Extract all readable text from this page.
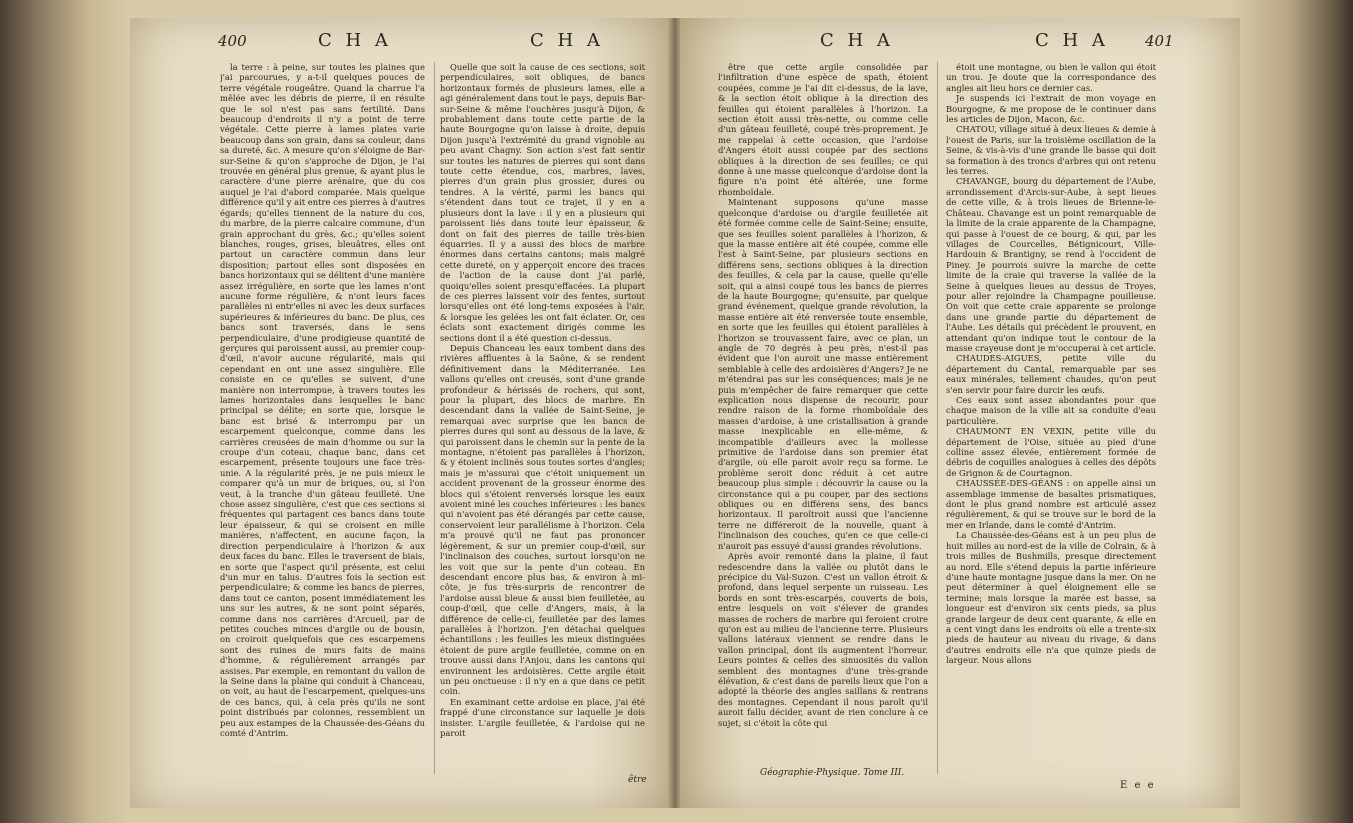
400	C H A	C H A

la terre : à peine, sur toutes les plaines que j'ai parcourues, y a-t-il quelques pouces de terre végétale rougeâtre. Quand la charrue l'a mêlée avec les débris de pierre, il en résulte que le sol n'est pas sans fertilité. Dans beaucoup d'endroits il n'y a point de terre végétale. Cette pierre à lames plates varie beaucoup dans son grain, dans sa couleur, dans sa dureté, &c. A mesure qu'on s'éloigne de Bar-sur-Seine & qu'on s'approche de Dijon, je l'ai trouvée en général plus grenue, & ayant plus le caractère d'une pierre arénaire, que du cos auquel je l'ai d'abord comparée. Mais quelque différence qu'il y ait entre ces pierres à d'autres égards; qu'elles tiennent de la nature du cos, du marbre, de la pierre calcaire commune, d'un grain approchant du grès, &c.; qu'elles soient blanches, rouges, grises, bleuâtres, elles ont partout un caractère commun dans leur disposition; partout elles sont disposées en bancs horizontaux qui se délitent d'une manière assez irrégulière, en sorte que les lames n'ont aucune forme régulière, & n'ont leurs faces parallèles ni entr'elles ni avec les deux surfaces supérieures & inférieures du banc. De plus, ces bancs sont traversés, dans le sens perpendiculaire, d'une prodigieuse quantité de gerçures qui paroissent aussi, au premier coup-d'œil, n'avoir aucune régularité, mais qui cependant en ont une assez singulière. Elle consiste en ce qu'elles se suivent, d'une manière non interrompue, à travers toutes les lames horizontales dans lesquelles le banc principal se délite; en sorte que, lorsque le banc est brisé & interrompu par un escarpement quelconque, comme dans les carrières creusées de main d'homme ou sur la croupe d'un coteau, chaque banc, dans cet escarpement, présente toujours une face très-unie. A la régularité près, je ne puis mieux le comparer qu'à un mur de briques, ou, si l'on veut, à la tranche d'un gâteau feuilleté. Une chose assez singulière, c'est que ces sections si fréquentes qui partagent ces bancs dans toute leur épaisseur, & qui se croisent en mille manières, n'affectent, en aucune façon, la direction perpendiculaire à l'horizon & aux deux faces du banc. Elles le traversent de biais, en sorte que l'aspect qu'il présente, est celui d'un mur en talus. D'autres fois la section est perpendiculaire; & comme les bancs de pierres, dans tout ce canton, posent immédiatement les uns sur les autres, & ne sont point séparés, comme dans nos carrières d'Arcueil, par de petites couches minces d'argile ou de bousin, on croiroit quelquefois que ces escarpemens sont des ruines de murs faits de mains d'homme, & régulièrement arrangés par assises. Par exemple, en remontant du vallon de la Seine dans la plaine qui conduit à Chanceau, on voit, au haut de l'escarpement, quelques-uns de ces bancs, qui, à cela près qu'ils ne sont point distribués par colonnes, ressemblent un peu aux estampes de la Chaussée-des-Géans du comté d'Antrim.

Quelle que soit la cause de ces sections, soit perpendiculaires, soit obliques, de bancs horizontaux formés de plusieurs lames, elle a agi généralement dans tout le pays, depuis Bar-sur-Seine & même l'ouchères jusqu'à Dijon, & probablement dans toute cette partie de la haute Bourgogne qu'on laisse à droite, depuis Dijon jusqu'à l'extrémité du grand vignoble au peu avant Chagny. Son action s'est fait sentir sur toutes les natures de pierres qui sont dans toute cette étendue, cos, marbres, laves, pierres d'un grain plus grossier, dures ou tendres. A la vérité, parmi les bancs qui s'étendent dans tout ce trajet, il y en a plusieurs dont la lave : il y en a plusieurs qui paroissent liés dans toute leur épaisseur, & dont on fait des pierres de taille très-bien équarries. Il y a aussi des blocs de marbre énormes dans certains cantons; mais malgré cette dureté, on y apperçoit encore des traces de l'action de la cause dont j'ai parlé, quoiqu'elles soient presqu'effacées. La plupart de ces pierres laissent voir des fentes, surtout lorsqu'elles ont été long-tems exposées à l'air, & lorsque les gelées les ont fait éclater. Or, ces éclats sont exactement dirigés comme les sections dont il a été question ci-dessus.

Depuis Chanceau les eaux tombent dans des rivières affluentes à la Saône, & se rendent définitivement dans la Méditerranée. Les vallons qu'elles ont creusés, sont d'une grande profondeur & hérissés de rochers, qui sont, pour la plupart, des blocs de marbre. En descendant dans la vallée de Saint-Seine, je remarquai avec surprise que les bancs de pierres dures qui sont au dessous de la lave, & qui paroissent dans le chemin sur la pente de la montagne, n'étoient pas parallèles à l'horizon, & y étoient inclinés sous toutes sortes d'angles; mais je m'assurai que c'étoit uniquement un accident provenant de la grosseur énorme des blocs qui s'étoient renversés lorsque les eaux avoient miné les couches inférieures : les bancs qui n'avoient pas été dérangés par cette cause, conservoient leur parallélisme à l'horizon. Cela m'a prouvé qu'il ne faut pas prononcer légèrement, & sur un premier coup-d'œil, sur l'inclinaison des couches, surtout lorsqu'on ne les voit que sur la pente d'un coteau. En descendant encore plus bas, & environ à mi-côte, je fus très-surpris de rencontrer de l'ardoise aussi bleue & aussi bien feuilletée, au coup-d'œil, que celle d'Angers, mais, à la différence de celle-ci, feuilletée par des lames parallèles à l'horizon. J'en détachai quelques échantillons : les feuilles les mieux distinguées étoient de pure argile feuilletée, comme on en trouve aussi dans l'Anjou, dans les cantons qui environnent les ardoisières. Cette argile étoit un peu onctueuse : il n'y en a que dans ce petit coin.

En examinant cette ardoise en place, j'ai été frappé d'une circonstance sur laquelle je dois insister. L'argile feuilletée, & l'ardoise qui ne paroit

être
C H A	C H A 401

être que cette argile consolidée par l'infiltration d'une espèce de spath, étoient coupées, comme je l'ai dit ci-dessus, de la lave, & la section étoit oblique à la direction des feuilles qui étoient parallèles à l'horizon. La section étoit aussi très-nette, ou comme celle d'un gâteau feuilleté, coupé très-proprement. Je me rappelai à cette occasion, que l'ardoise d'Angers étoit aussi coupée par des sections obliques à la direction de ses feuilles; ce qui donne à une masse quelconque d'ardoise dont la figure n'a point été altérée, une forme rhomboïdale.

Maintenant supposons qu'une masse quelconque d'ardoise ou d'argile feuilletée ait été formée comme celle de Saint-Seine; ensuite, que ses feuilles soient parallèles à l'horizon, & que la masse entière ait été coupée, comme elle l'est à Saint-Seine, par plusieurs sections en différens sens, sections obliques à la direction des feuilles, & cela par la cause, quelle qu'elle soit, qui a ainsi coupé tous les bancs de pierres de la haute Bourgogne; qu'ensuite, par quelque grand événement, quelque grande révolution, la masse entière ait été renversée toute ensemble, en sorte que les feuilles qui étoient parallèles à l'horizon se trouvassent faire, avec ce plan, un angle de 70 degrés à peu près, n'est-il pas évident que l'on auroit une masse entièrement semblable à celle des ardoisières d'Angers? Je ne m'étendrai pas sur les conséquences; mais je ne puis m'empêcher de faire remarquer que cette explication nous dispense de recourir, pour rendre raison de la forme rhomboïdale des masses d'ardoise, à une cristallisation à grande masse inexplicable en elle-même, & incompatible d'ailleurs avec la mollesse primitive de l'ardoise dans son premier état d'argile, où elle paroit avoir reçu sa forme. Le problème seroit donc réduit à cet autre beaucoup plus simple : découvrir la cause ou la circonstance qui a pu couper, par des sections obliques ou en différens sens, des bancs horizontaux. Il paroîtroit aussi que l'ancienne terre ne différeroit de la nouvelle, quant à l'inclinaison des couches, qu'en ce que celle-ci n'auroit pas essuyé d'aussi grandes révolutions.

Après avoir remonté dans la plaine, il faut redescendre dans la vallée ou plutôt dans le précipice du Val-Suzon. C'est un vallon étroit & profond, dans lequel serpente un ruisseau. Les bords en sont très-escarpés, couverts de bois, entre lesquels on voit s'élever de grandes masses de rochers de marbre qui feroient croire qu'on est au milieu de l'ancienne terre. Plusieurs vallons latéraux viennent se rendre dans le vallon principal, dont ils augmentent l'horreur. Leurs pointes & celles des sinuosités du vallon semblent des montagnes d'une très-grande élévation, & c'est dans de pareils lieux que l'on a adopté la théorie des angles saillans & rentrans des montagnes. Cependant il nous paroît qu'il auroit fallu décider, avant de rien conclure à ce sujet, si c'étoit la côte qui

étoit une montagne, ou bien le vallon qui étoit un trou. Je doute que la correspondance des angles ait lieu hors ce dernier cas.

Je suspends ici l'extrait de mon voyage en Bourgogne, & me propose de le continuer dans les articles de Dijon, Macon, &c.

CHATOU, village situé à deux lieues & demie à l'ouest de Paris, sur la troisième oscillation de la Seine, & vis-à-vis d'une grande île basse qui doit sa formation à des troncs d'arbres qui ont retenu les terres.

CHAVANGE, bourg du département de l'Aube, arrondissement d'Arcis-sur-Aube, à sept lieues de cette ville, & à trois lieues de Brienne-le-Château. Chavange est un point remarquable de la limite de la craie apparente de la Champagne, qui passe à l'ouest de ce bourg, & qui, par les villages de Courcelles, Bétignicourt, Ville-Hardouin & Brantigny, se rend à l'occident de Piney. Je pourrois suivre la marche de cette limite de la craie qui traverse la vallée de la Seine à quelques lieues au dessus de Troyes, pour aller rejoindre la Champagne pouilleuse. On voit que cette craie apparente se prolonge dans une grande partie du département de l'Aube. Les détails qui précèdent le prouvent, en attendant qu'on indique tout le contour de la masse crayeuse dont je m'occuperai à cet article.

CHAUDES-AIGUES, petite ville du département du Cantal, remarquable par ses eaux minérales, tellement chaudes, qu'on peut s'en servir pour faire durcir les œufs.

Ces eaux sont assez abondantes pour que chaque maison de la ville ait sa conduite d'eau particulière.

CHAUMONT EN VEXIN, petite ville du département de l'Oise, située au pied d'une colline assez élevée, entièrement formée de débris de coquilles analogues à celles des dépôts de Grignon & de Courtagnon.

CHAUSSÉE-DES-GÉANS : on appelle ainsi un assemblage immense de basaltes prismatiques, dont le plus grand nombre est articulé assez régulièrement, & qui se trouve sur le bord de la mer en Irlande, dans le comté d'Antrim.

La Chaussée-des-Géans est à un peu plus de huit milles au nord-est de la ville de Colrain, & à trois milles de Bushmills, presque directement au nord. Elle s'étend depuis la partie inférieure d'une haute montagne jusque dans la mer. On ne peut déterminer à quel éloignement elle se termine; mais lorsque la marée est basse, sa longueur est d'environ six cents pieds, sa plus grande largeur de deux cent quarante, & elle en a cent vingt dans les endroits où elle a trente-six pieds de hauteur au niveau du rivage, & dans d'autres endroits elle n'a que quinze pieds de largeur. Nous allons

Géographie-Physique. Tome III.
E e e
